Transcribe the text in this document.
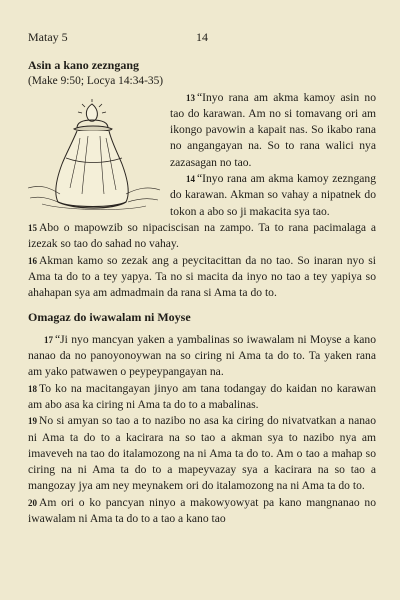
Matay 5	14

Asin a kano zezngang

(Make 9:50; Locya 14:34-35)

13 “Inyo rana am akma kamoy asin no tao do karawan. Am no si tomavang ori am ikongo pavowin a kapait nas. So ikabo rana no angangayan na. So to rana walici nya zazasagan no tao.

14 “Inyo rana am akma kamoy zezngang do karawan. Akman so vahay a nipatnek do tokon a abo so ji makacita sya tao.

15 Abo o mapowzib so nipaciscisan na zampo. Ta to rana pacimalaga a izezak so tao do sahad no vahay.

16 Akman kamo so zezak ang a peycitacittan da no tao. So inaran nyo si Ama ta do to a tey yapya. Ta no si macita da inyo no tao a tey yapiya so ahahapan sya am admadmain da rana si Ama ta do to.

Omagaz do iwawalam ni Moyse

17 “Ji nyo mancyan yaken a yambalinas so iwawalam ni Moyse a kano nanao da no panoyonoywan na so ciring ni Ama ta do to. Ta yaken rana am yako patwawen o peypeypangayan na.

18 To ko na macitangayan jinyo am tana todangay do kaidan no karawan am abo asa ka ciring ni Ama ta do to a mabalinas.

19 No si amyan so tao a to nazibo no asa ka ciring do nivatvatkan a nanao ni Ama ta do to a kacirara na so tao a akman sya to nazibo nya am imaveveh na tao do italamozong na ni Ama ta do to. Am o tao a mahap so ciring na ni Ama ta do to a mapeyvazay sya a kacirara na so tao a mangozay jya am ney meynakem ori do italamozong na ni Ama ta do to.

20 Am ori o ko pancyan ninyo a makowyowyat pa kano mangnanao no iwawalam ni Ama ta do to a tao a kano tao
